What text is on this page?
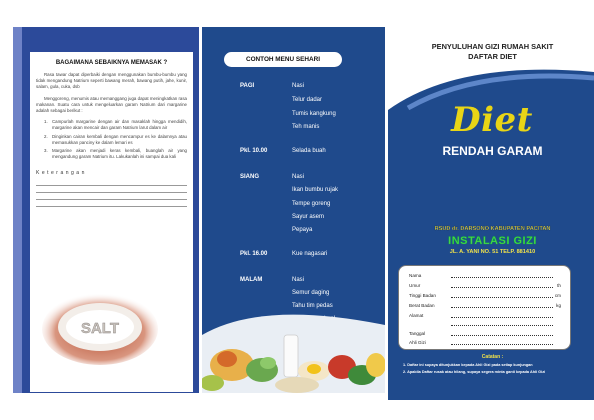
BAGAIMANA SEBAIKNYA MEMASAK ?

Rasa tawar dapat diperbaiki dengan menggunakan bumbu-bumbu yang tidak mengandung Natrium seperti bawang merah, bawang putih, jahe, kunir, salam, gula, cuka, dsb

Menggoreng, menumis atau memanggang juga dapat meningkatkan rasa makanan. Suatu cara untuk mengeluarkan garam Natrium dari margarine adalah sebagai berikut :

1. Campurlah margarine dengan air dan masaklah hingga mendidih, margarine akan mencair dan garam Natrium larut dalam air
2. Dinginkan cairan kembali dengan mencampur es ke dalamnya atau memasukkan panciny ke dalam lemari es
3. Margarine akan menjadi keras kembali, buanglah air yang mengandung garam Natrium itu. Lakukanlah ini sampai dua kali
Keterangan
SALT
CONTOH MENU SEHARI
PAGI	Nasi
Telur dadar
Tumis kangkung
Teh manis
Pkl. 10.00	Selada buah
SIANG	Nasi
Ikan bumbu rujak
Tempe goreng
Sayur asem
Pepaya
Pkl. 16.00	Kue nagasari
MALAM	Nasi
Semur daging
Tahu tim pedas
PENYULUHAN GIZI RUMAH SAKIT
DAFTAR DIET
Diet
RENDAH GARAM
RSUD dr. DARSONO KABUPATEN PACITAN
INSTALASI GIZI
JL. A. YANI NO. 51 TELP. 881410
Nama
Umur	th
Tinggi Badan	cm
Berat Badan	kg
Alamat
Tanggal
Ahli Gizi
Catatan :
1. Daftar ini supaya ditunjukkan kepada Ahli Gizi pada setiap kunjungan
2. Apabila Daftar rusak atau hilang, supaya segera minta ganti kepada Ahli Gizi
